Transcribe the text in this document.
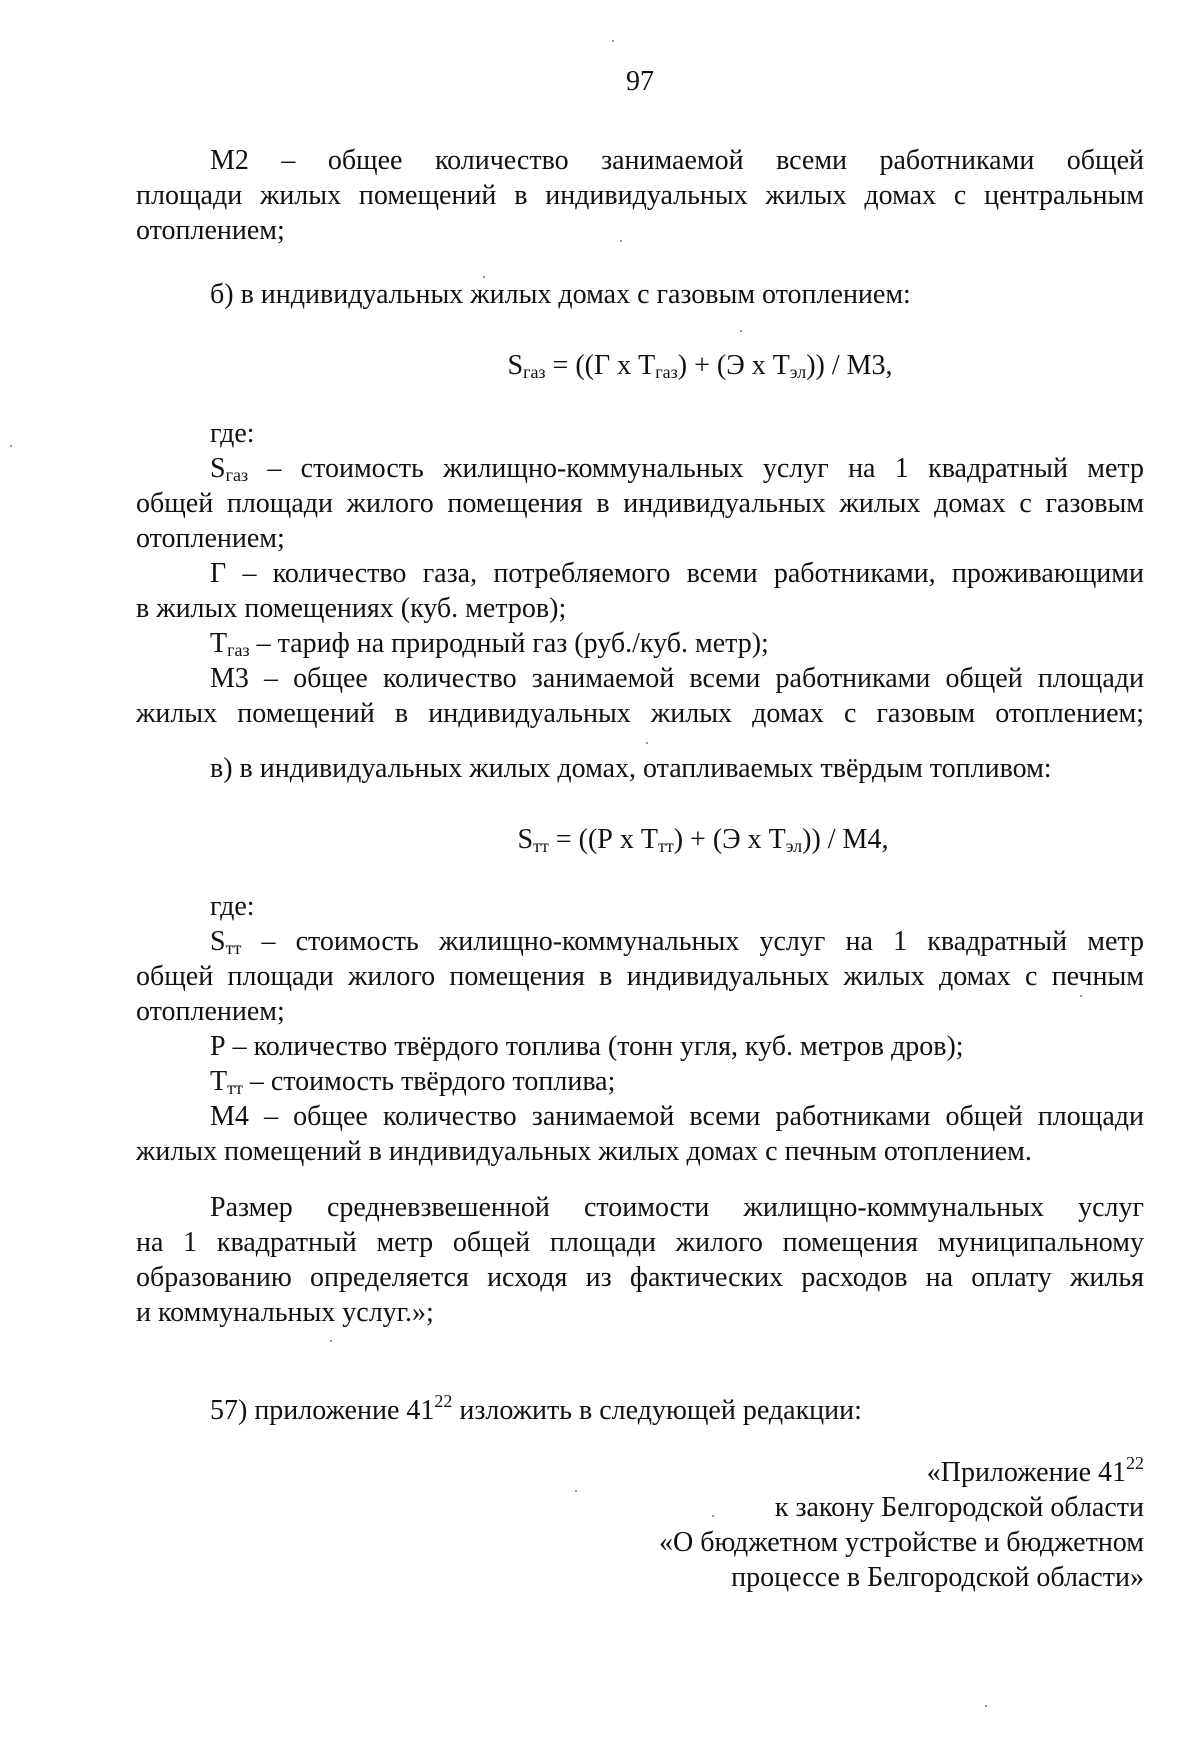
97

М2 – общее количество занимаемой всеми работниками общей

площади жилых помещений в индивидуальных жилых домах с центральным

отоплением;

б) в индивидуальных жилых домах с газовым отоплением:

$S_{газ} = ((Г$ х $Т_{газ}) + (Э$ х $Т_{эл})) / М3$,

где:

$S_{газ}$ – стоимость жилищно-коммунальных услуг на 1 квадратный метр

общей площади жилого помещения в индивидуальных жилых домах с газовым

отоплением;

Г – количество газа, потребляемого всеми работниками, проживающими

в жилых помещениях (куб. метров);

$Т_{газ}$ – тариф на природный газ (руб./куб. метр);

М3 – общее количество занимаемой всеми работниками общей площади

жилых помещений в индивидуальных жилых домах с газовым отоплением;

в) в индивидуальных жилых домах, отапливаемых твёрдым топливом:

$S_{тт} = ((Р$ х $Т_{тт}) + (Э$ х $Т_{эл})) / М4$,

где:

$S_{тт}$ – стоимость жилищно-коммунальных услуг на 1 квадратный метр

общей площади жилого помещения в индивидуальных жилых домах с печным

отоплением;

Р – количество твёрдого топлива (тонн угля, куб. метров дров);

$Т_{тт}$ – стоимость твёрдого топлива;

М4 – общее количество занимаемой всеми работниками общей площади

жилых помещений в индивидуальных жилых домах с печным отоплением.

Размер средневзвешенной стоимости жилищно-коммунальных услуг

на 1 квадратный метр общей площади жилого помещения муниципальному

образованию определяется исходя из фактических расходов на оплату жилья

и коммунальных услуг.»;

57) приложение $41^{22}$ изложить в следующей редакции:

«Приложение $41^{22}$
к закону Белгородской области
«О бюджетном устройстве и бюджетном
процессе в Белгородской области»
